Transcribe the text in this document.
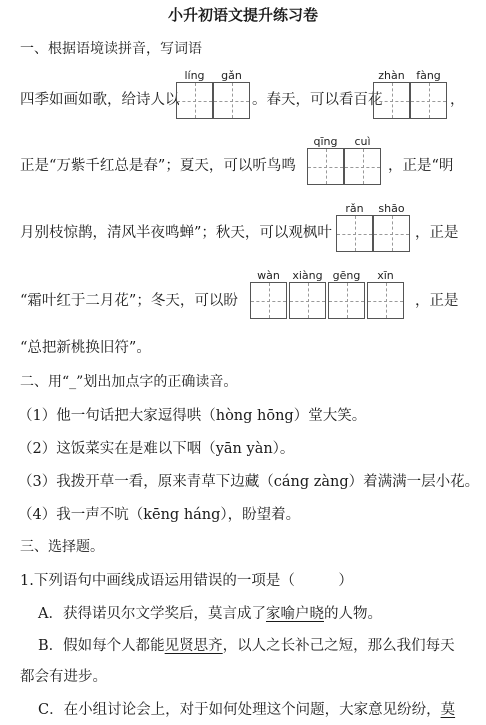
小升初语文提升练习卷
一、根据语境读拼音，写词语
四季如画如歌，给诗人以
líng	gǎn
。春天，可以看百花
zhàn	fàng
，
正是“万紫千红总是春”；夏天，可以听鸟鸣
qīng	cuì
，正是“明
月别枝惊鹊，清风半夜鸣蝉”；秋天，可以观枫叶
rǎn	shāo
，正是
“霜叶红于二月花”；冬天，可以盼
wàn	xiàng gēng	xīn
，正是
“总把新桃换旧符”。
二、用“_”划出加点字的正确读音。
（1）他一句话把大家逗得哄（hòng hōng）堂大笑。
（2）这饭菜实在是难以下咽（yān yàn）。
（3）我拨开草一看，原来青草下边藏（cáng zàng）着满满一层小花。
（4）我一声不吭（kēng háng），盼望着。
三、选择题。
1.下列语句中画线成语运用错误的一项是（　　　）
A．获得诺贝尔文学奖后，莫言成了家喻户晓的人物。
B．假如每个人都能见贤思齐，以人之长补己之短，那么我们每天
都会有进步。
C．在小组讨论会上，对于如何处理这个问题，大家意见纷纷，莫
